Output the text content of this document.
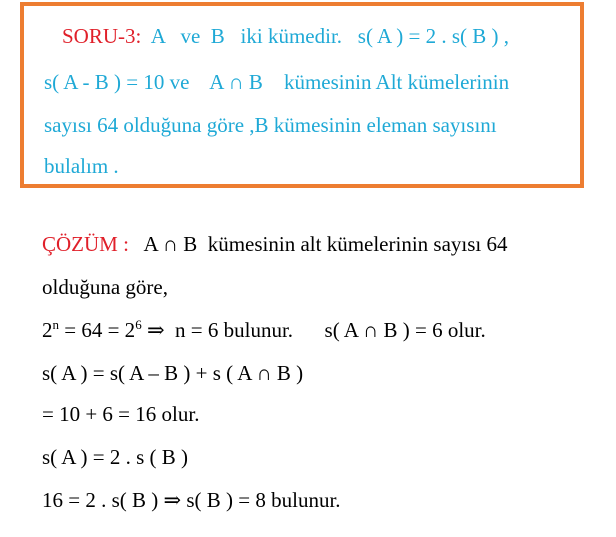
SORU-3:  A   ve  B   iki kümedir.   s( A ) = 2 . s( B ) ,
s( A - B ) = 10 ve    A ∩ B    kümesinin Alt kümelerinin
sayısı 64 olduğuna göre ,B kümesinin eleman sayısını
bulalım .
ÇÖZÜM :   A ∩ B  kümesinin alt kümelerinin sayısı 64
olduğuna göre,
$2^n = 64 = 2^6$ ⇒  n = 6 bulunur.      s( A ∩ B ) = 6 olur.
s( A ) = s( A – B ) + s ( A ∩ B )
= 10 + 6 = 16 olur.
s( A ) = 2 . s ( B )
16 = 2 . s( B ) ⇒ s( B ) = 8 bulunur.
